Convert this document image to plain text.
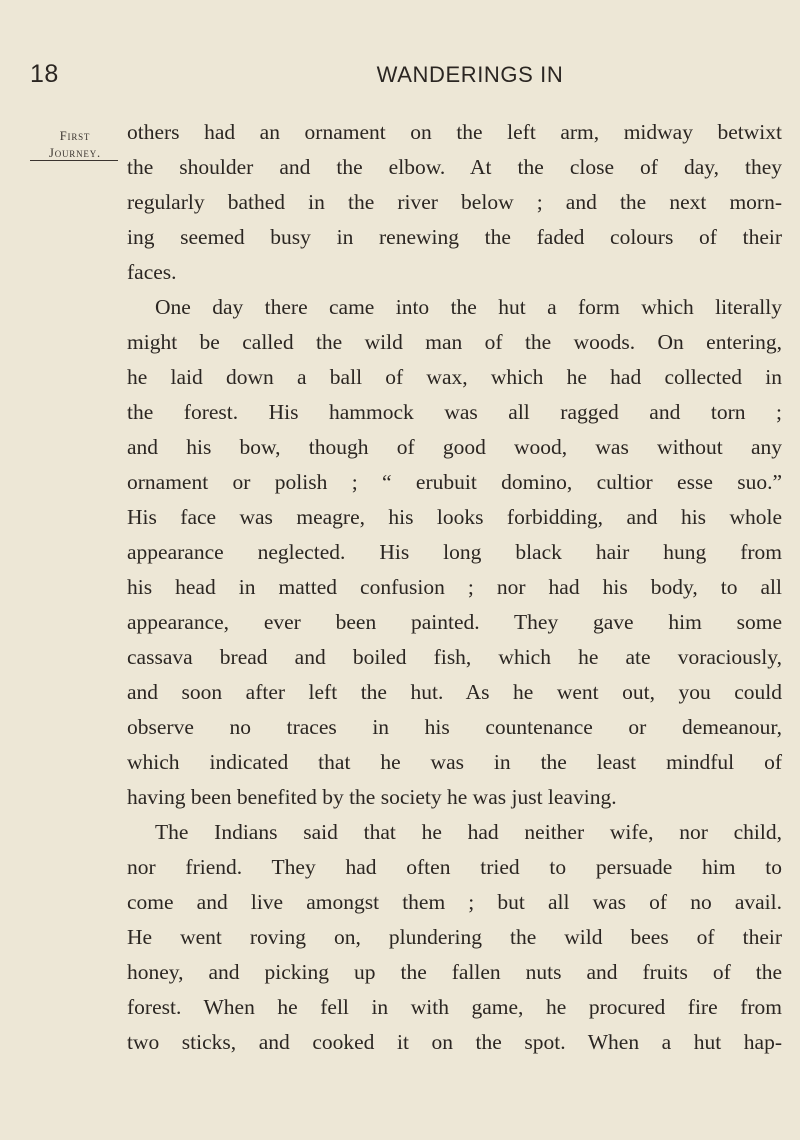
18	WANDERINGS IN
First
Journey.
others had an ornament on the left arm, midway betwixt
the shoulder and the elbow. At the close of day, they
regularly bathed in the river below ; and the next morn-
ing seemed busy in renewing the faded colours of their
faces.
One day there came into the hut a form which literally
might be called the wild man of the woods. On entering,
he laid down a ball of wax, which he had collected in
the forest. His hammock was all ragged and torn ;
and his bow, though of good wood, was without any
ornament or polish ; “ erubuit domino, cultior esse suo.”
His face was meagre, his looks forbidding, and his whole
appearance neglected. His long black hair hung from
his head in matted confusion ; nor had his body, to all
appearance, ever been painted. They gave him some
cassava bread and boiled fish, which he ate voraciously,
and soon after left the hut. As he went out, you could
observe no traces in his countenance or demeanour,
which indicated that he was in the least mindful of
having been benefited by the society he was just leaving.
The Indians said that he had neither wife, nor child,
nor friend. They had often tried to persuade him to
come and live amongst them ; but all was of no avail.
He went roving on, plundering the wild bees of their
honey, and picking up the fallen nuts and fruits of the
forest. When he fell in with game, he procured fire from
two sticks, and cooked it on the spot. When a hut hap-
